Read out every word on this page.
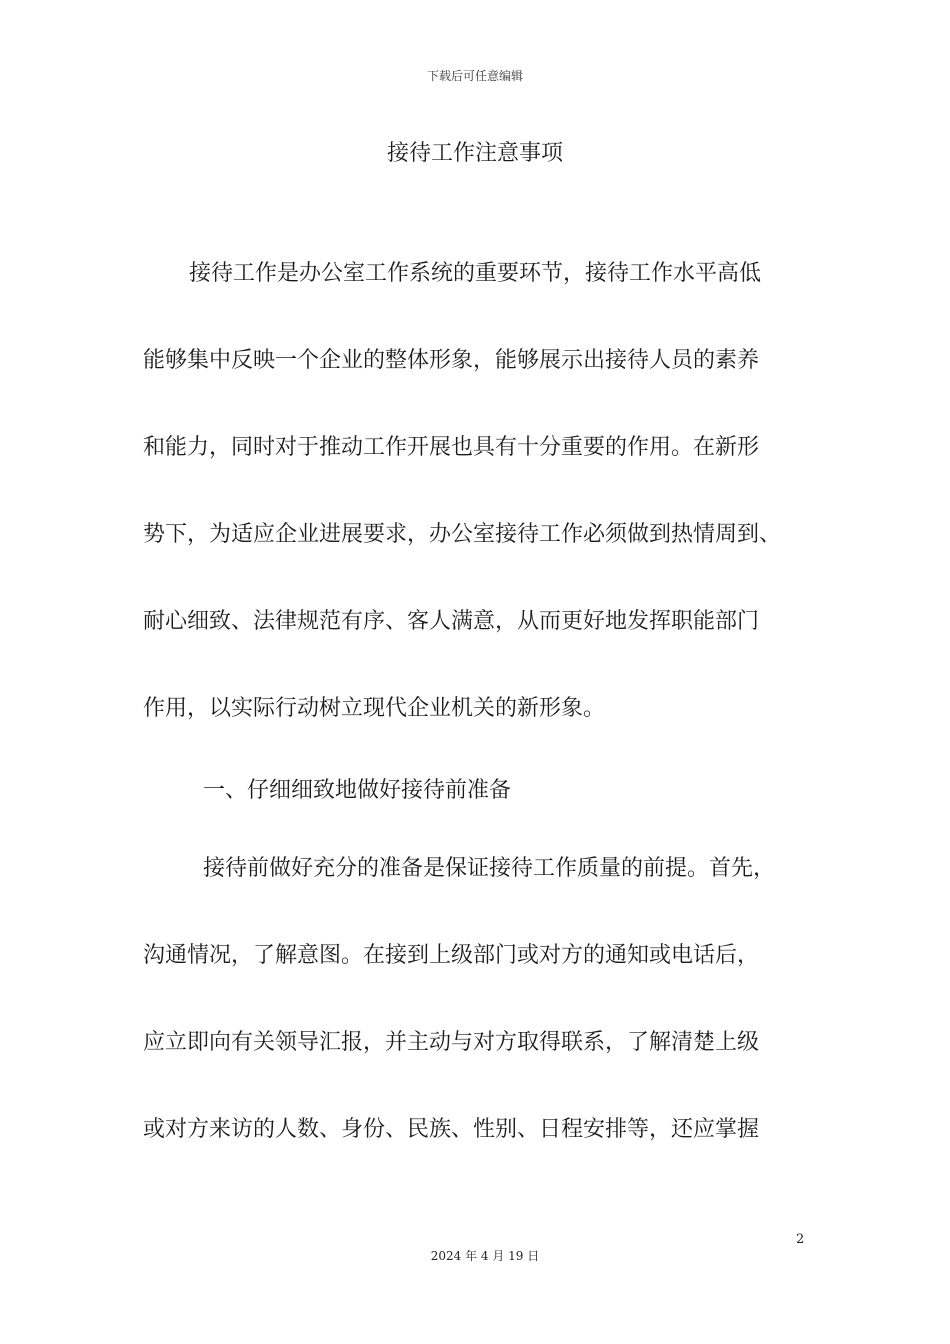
下载后可任意编辑
接待工作注意事项
接待工作是办公室工作系统的重要环节，接待工作水平高低
能够集中反映一个企业的整体形象，能够展示出接待人员的素养
和能力，同时对于推动工作开展也具有十分重要的作用。在新形
势下，为适应企业进展要求，办公室接待工作必须做到热情周到、
耐心细致、法律规范有序、客人满意，从而更好地发挥职能部门
作用，以实际行动树立现代企业机关的新形象。
一、仔细细致地做好接待前准备
接待前做好充分的准备是保证接待工作质量的前提。首先，
沟通情况，了解意图。在接到上级部门或对方的通知或电话后，
应立即向有关领导汇报，并主动与对方取得联系，了解清楚上级
或对方来访的人数、身份、民族、性别、日程安排等，还应掌握
2
2024 年 4 月 19 日
